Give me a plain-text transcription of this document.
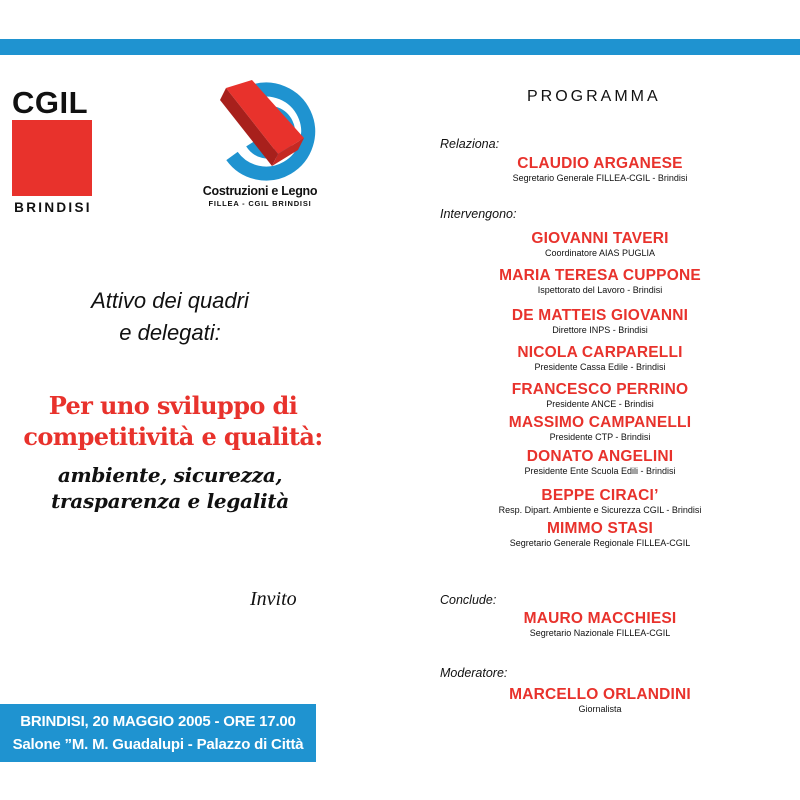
CGIL
BRINDISI
Costruzioni e Legno
FILLEA - CGIL BRINDISI
Attivo dei quadri
e delegati:
Per uno sviluppo di
competitività e qualità:
ambiente, sicurezza,
trasparenza e legalità
Invito
BRINDISI, 20 MAGGIO 2005 - ORE 17.00
Salone ”M. M. Guadalupi - Palazzo di Città
PROGRAMMA
Relaziona:
CLAUDIO ARGANESE
Segretario Generale FILLEA-CGIL - Brindisi
Intervengono:
GIOVANNI TAVERI
Coordinatore AIAS PUGLIA
MARIA TERESA CUPPONE
Ispettorato del Lavoro - Brindisi
DE MATTEIS GIOVANNI
Direttore INPS - Brindisi
NICOLA CARPARELLI
Presidente Cassa Edile - Brindisi
FRANCESCO PERRINO
Presidente ANCE - Brindisi
MASSIMO CAMPANELLI
Presidente CTP - Brindisi
DONATO ANGELINI
Presidente Ente Scuola Edili - Brindisi
BEPPE CIRACI’
Resp. Dipart. Ambiente e Sicurezza CGIL - Brindisi
MIMMO STASI
Segretario Generale Regionale FILLEA-CGIL
Conclude:
MAURO MACCHIESI
Segretario Nazionale FILLEA-CGIL
Moderatore:
MARCELLO ORLANDINI
Giornalista
